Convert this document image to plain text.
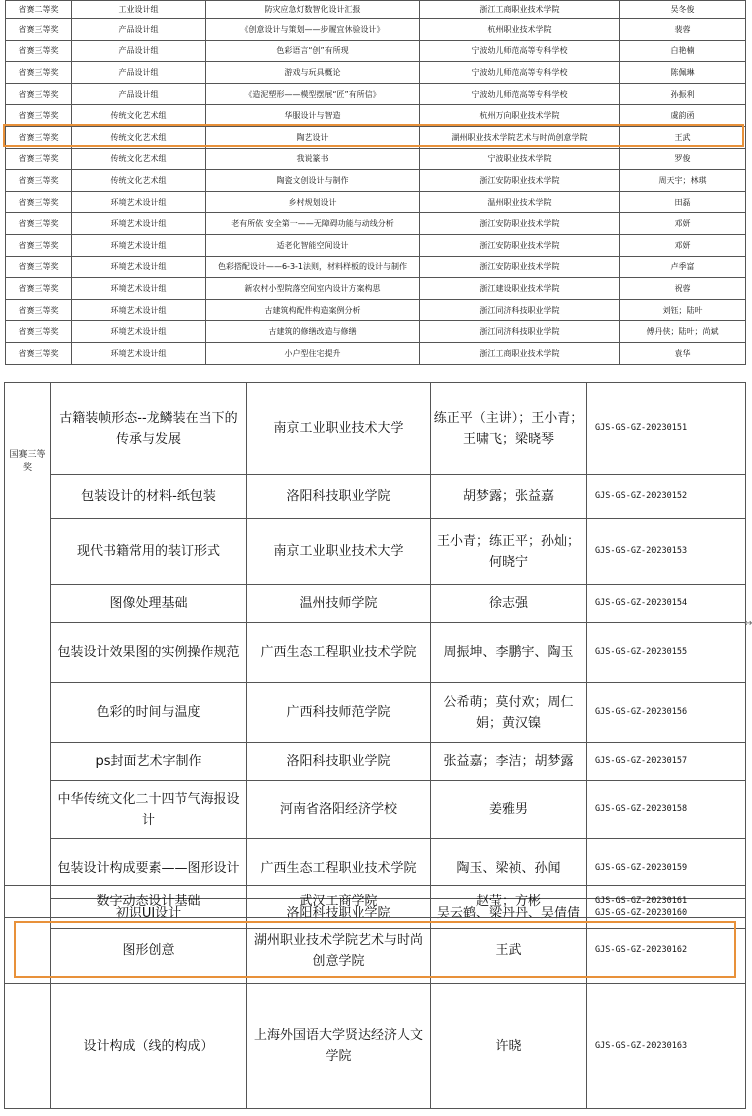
省赛二等奖	工业设计组	防灾应急灯数智化设计汇报	浙江工商职业技术学院	吴冬俊
省赛三等奖	产品设计组	《创意设计与策划——步履宜休验设计》	杭州职业技术学院	裴蓉
省赛三等奖	产品设计组	色彩语言“创”有所现	宁波幼儿师范高等专科学校	白艳楠
省赛三等奖	产品设计组	游戏与玩具概论	宁波幼儿师范高等专科学校	陈佩琳
省赛三等奖	产品设计组	《造泥塑形——模型摆展“匠”有所信》	宁波幼儿师范高等专科学校	孙振利
省赛三等奖	传统文化艺术组	华服设计与智造	杭州万向职业技术学院	虞韵函
省赛三等奖	传统文化艺术组	陶艺设计	湖州职业技术学院艺术与时尚创意学院	王武
省赛三等奖	传统文化艺术组	我说篆书	宁波职业技术学院	罗俊
省赛三等奖	传统文化艺术组	陶瓷文创设计与制作	浙江安防职业技术学院	周天宇；林琪
省赛三等奖	环境艺术设计组	乡村规划设计	温州职业技术学院	田磊
省赛三等奖	环境艺术设计组	老有所依 安全第一——无障碍功能与动线分析	浙江安防职业技术学院	邓妍
省赛三等奖	环境艺术设计组	适老化智能空间设计	浙江安防职业技术学院	邓妍
省赛三等奖	环境艺术设计组	色彩搭配设计——6-3-1法则，材料样板的设计与制作	浙江安防职业技术学院	卢季富
省赛三等奖	环境艺术设计组	新农村小型院落空间室内设计方案构思	浙江建设职业技术学院	祝蓉
省赛三等奖	环境艺术设计组	古建筑构配件构造案例分析	浙江同济科技职业学院	刘钰；陆叶
省赛三等奖	环境艺术设计组	古建筑的修缮改造与修缮	浙江同济科技职业学院	傅丹侠；陆叶；尚斌
省赛三等奖	环境艺术设计组	小户型住宅提升	浙江工商职业技术学院	袁华
国赛三等奖	古籍装帧形态--龙鳞装在当下的传承与发展	南京工业职业技术大学	练正平（主讲）；王小青；王啸飞；梁晓琴	GJS-GS-GZ-20230151
	包装设计的材料-纸包装	洛阳科技职业学院	胡梦露；张益嘉	GJS-GS-GZ-20230152
	现代书籍常用的装订形式	南京工业职业技术大学	王小青；练正平；孙灿；何晓宁	GJS-GS-GZ-20230153
	图像处理基础	温州技师学院	徐志强	GJS-GS-GZ-20230154
	包装设计效果图的实例操作规范	广西生态工程职业技术学院	周振坤、李鹏宇、陶玉	GJS-GS-GZ-20230155
	色彩的时间与温度	广西科技师范学院	公希萌；莫付欢；周仁娟；黄汉镍	GJS-GS-GZ-20230156
	ps封面艺术字制作	洛阳科技职业学院	张益嘉；李洁；胡梦露	GJS-GS-GZ-20230157
	中华传统文化二十四节气海报设计	河南省洛阳经济学校	姜雅男	GJS-GS-GZ-20230158
	包装设计构成要素——图形设计	广西生态工程职业技术学院	陶玉、梁祯、孙闻	GJS-GS-GZ-20230159
	初识UI设计	洛阳科技职业学院	吴云鹤、梁丹丹、吴倩倩	GJS-GS-GZ-20230160
	数字动态设计基础	武汉工商学院	赵莹；方彬	GJS-GS-GZ-20230161
	图形创意	湖州职业技术学院艺术与时尚创意学院	王武	GJS-GS-GZ-20230162
	设计构成（线的构成）	上海外国语大学贤达经济人文学院	许晓	GJS-GS-GZ-20230163
↔
